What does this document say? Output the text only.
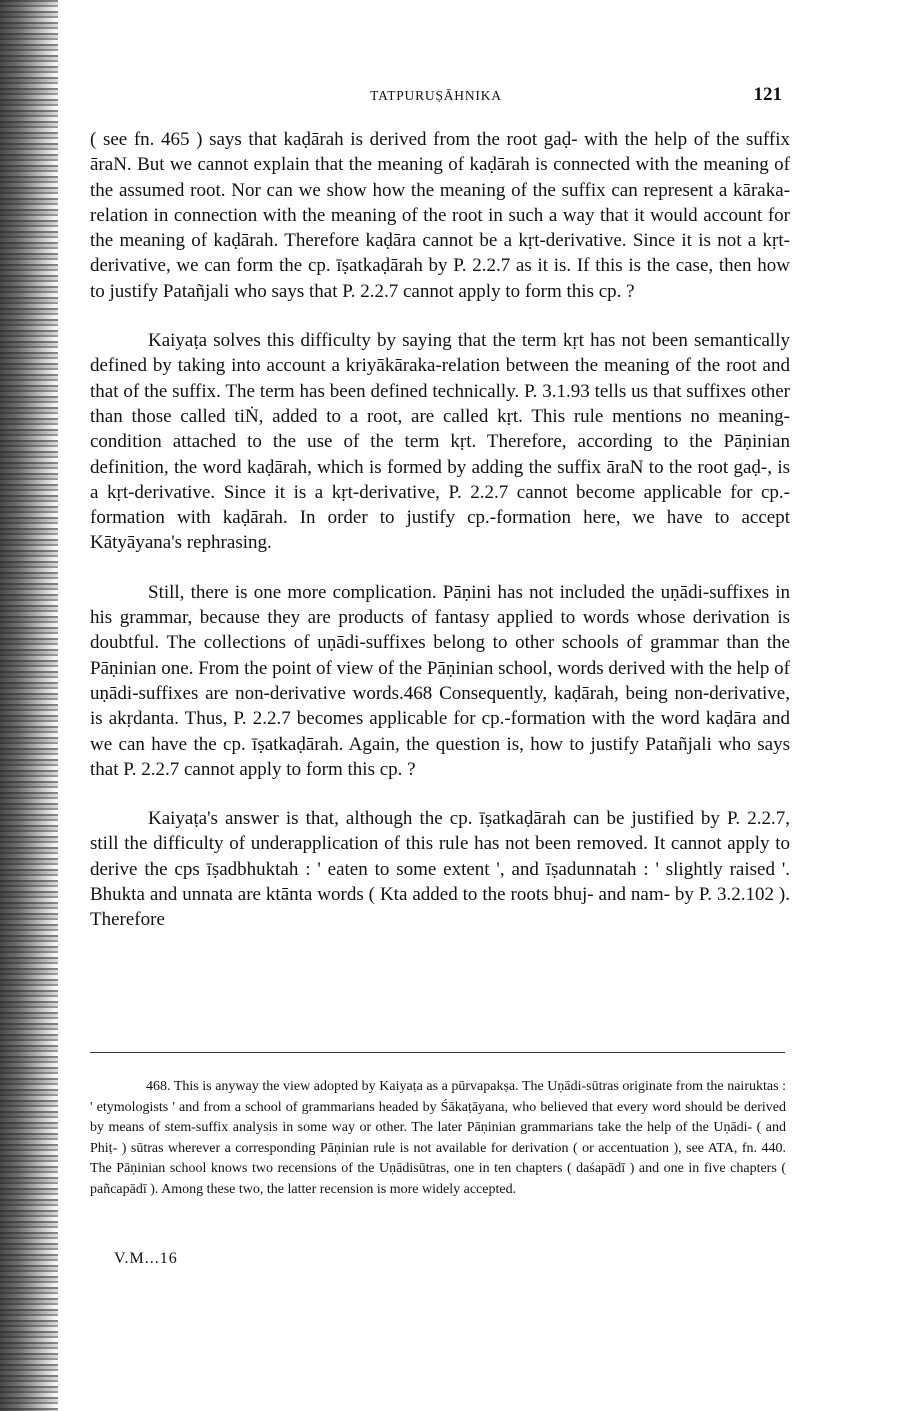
TATPURUṢĀHNIKA	121

( see fn. 465 ) says that kaḍārah is derived from the root gaḍ- with the help of the suffix āraN. But we cannot explain that the meaning of kaḍārah is connected with the meaning of the assumed root. Nor can we show how the meaning of the suffix can represent a kāraka-relation in connection with the meaning of the root in such a way that it would account for the meaning of kaḍārah. Therefore kaḍāra cannot be a kṛt-derivative. Since it is not a kṛt-derivative, we can form the cp. īṣatkaḍārah by P. 2.2.7 as it is. If this is the case, then how to justify Patañjali who says that P. 2.2.7 cannot apply to form this cp. ?

Kaiyaṭa solves this difficulty by saying that the term kṛt has not been semantically defined by taking into account a kriyākāraka-relation between the meaning of the root and that of the suffix. The term has been defined technically. P. 3.1.93 tells us that suffixes other than those called tiṄ, added to a root, are called kṛt. This rule mentions no meaning-condition attached to the use of the term kṛt. Therefore, according to the Pāṇinian definition, the word kaḍārah, which is formed by adding the suffix āraN to the root gaḍ-, is a kṛt-derivative. Since it is a kṛt-derivative, P. 2.2.7 cannot become applicable for cp.-formation with kaḍārah. In order to justify cp.-formation here, we have to accept Kātyāyana's rephrasing.

Still, there is one more complication. Pāṇini has not included the uṇādi-suffixes in his grammar, because they are products of fantasy applied to words whose derivation is doubtful. The collections of uṇādi-suffixes belong to other schools of grammar than the Pāṇinian one. From the point of view of the Pāṇinian school, words derived with the help of uṇādi-suffixes are non-derivative words.468 Consequently, kaḍārah, being non-derivative, is akṛdanta. Thus, P. 2.2.7 becomes applicable for cp.-formation with the word kaḍāra and we can have the cp. īṣatkaḍārah. Again, the question is, how to justify Patañjali who says that P. 2.2.7 cannot apply to form this cp. ?

Kaiyaṭa's answer is that, although the cp. īṣatkaḍārah can be justified by P. 2.2.7, still the difficulty of underapplication of this rule has not been removed. It cannot apply to derive the cps īṣadbhuktah : ' eaten to some extent ', and īṣadunnatah : ' slightly raised '. Bhukta and unnata are ktānta words ( Kta added to the roots bhuj- and nam- by P. 3.2.102 ). Therefore

468. This is anyway the view adopted by Kaiyaṭa as a pūrvapakṣa. The Uṇādi-sūtras originate from the nairuktas : ' etymologists ' and from a school of grammarians headed by Śākaṭāyana, who believed that every word should be derived by means of stem-suffix analysis in some way or other. The later Pāṇinian grammarians take the help of the Uṇādi- ( and Phiṭ- ) sūtras wherever a corresponding Pāṇinian rule is not available for derivation ( or accentuation ), see ATA, fn. 440. The Pāṇinian school knows two recensions of the Uṇādisūtras, one in ten chapters ( daśapādī ) and one in five chapters ( pañcapādī ). Among these two, the latter recension is more widely accepted.
V.M...16
